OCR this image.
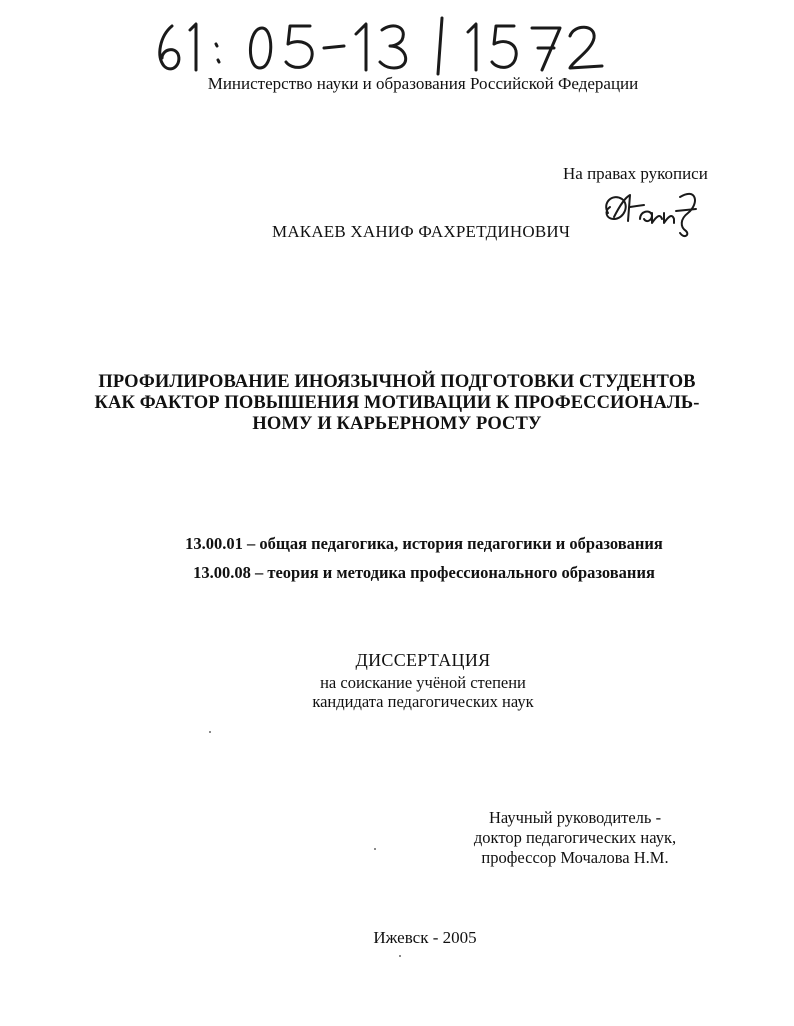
Министерство науки и образования Российской Федерации
На правах рукописи
МАКАЕВ ХАНИФ ФАХРЕТДИНОВИЧ
ПРОФИЛИРОВАНИЕ ИНОЯЗЫЧНОЙ ПОДГОТОВКИ СТУДЕНТОВ
КАК ФАКТОР ПОВЫШЕНИЯ МОТИВАЦИИ К ПРОФЕССИОНАЛЬ-
НОМУ И КАРЬЕРНОМУ РОСТУ
13.00.01 – общая педагогика, история педагогики и образования
13.00.08 – теория и методика профессионального образования
ДИССЕРТАЦИЯ
на соискание учёной степени
кандидата педагогических наук
Научный руководитель -
доктор педагогических наук,
профессор Мочалова Н.М.
Ижевск - 2005
